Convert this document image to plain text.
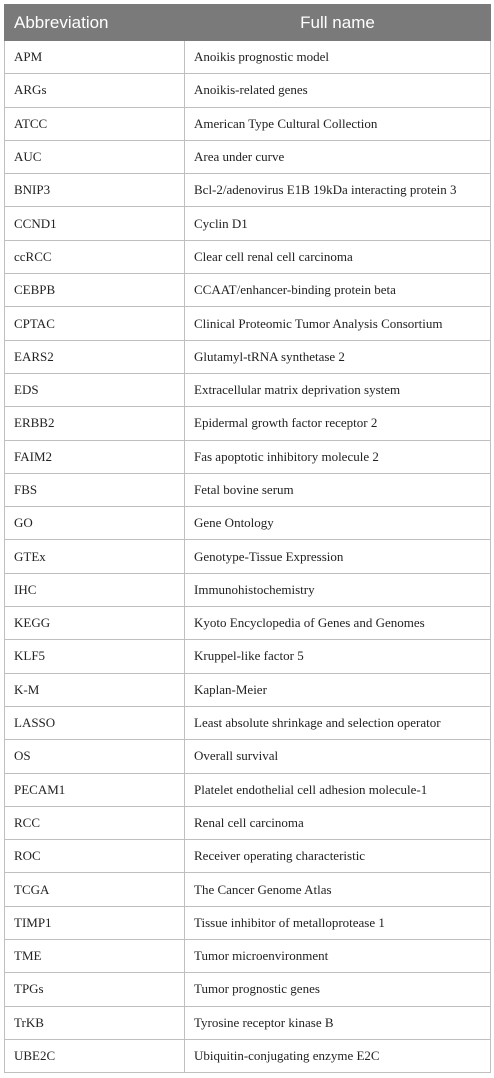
Abbreviation	Full name
APM	Anoikis prognostic model
ARGs	Anoikis-related genes
ATCC	American Type Cultural Collection
AUC	Area under curve
BNIP3	Bcl-2/adenovirus E1B 19kDa interacting protein 3
CCND1	Cyclin D1
ccRCC	Clear cell renal cell carcinoma
CEBPB	CCAAT/enhancer-binding protein beta
CPTAC	Clinical Proteomic Tumor Analysis Consortium
EARS2	Glutamyl-tRNA synthetase 2
EDS	Extracellular matrix deprivation system
ERBB2	Epidermal growth factor receptor 2
FAIM2	Fas apoptotic inhibitory molecule 2
FBS	Fetal bovine serum
GO	Gene Ontology
GTEx	Genotype-Tissue Expression
IHC	Immunohistochemistry
KEGG	Kyoto Encyclopedia of Genes and Genomes
KLF5	Kruppel-like factor 5
K-M	Kaplan-Meier
LASSO	Least absolute shrinkage and selection operator
OS	Overall survival
PECAM1	Platelet endothelial cell adhesion molecule-1
RCC	Renal cell carcinoma
ROC	Receiver operating characteristic
TCGA	The Cancer Genome Atlas
TIMP1	Tissue inhibitor of metalloprotease 1
TME	Tumor microenvironment
TPGs	Tumor prognostic genes
TrKB	Tyrosine receptor kinase B
UBE2C	Ubiquitin-conjugating enzyme E2C
